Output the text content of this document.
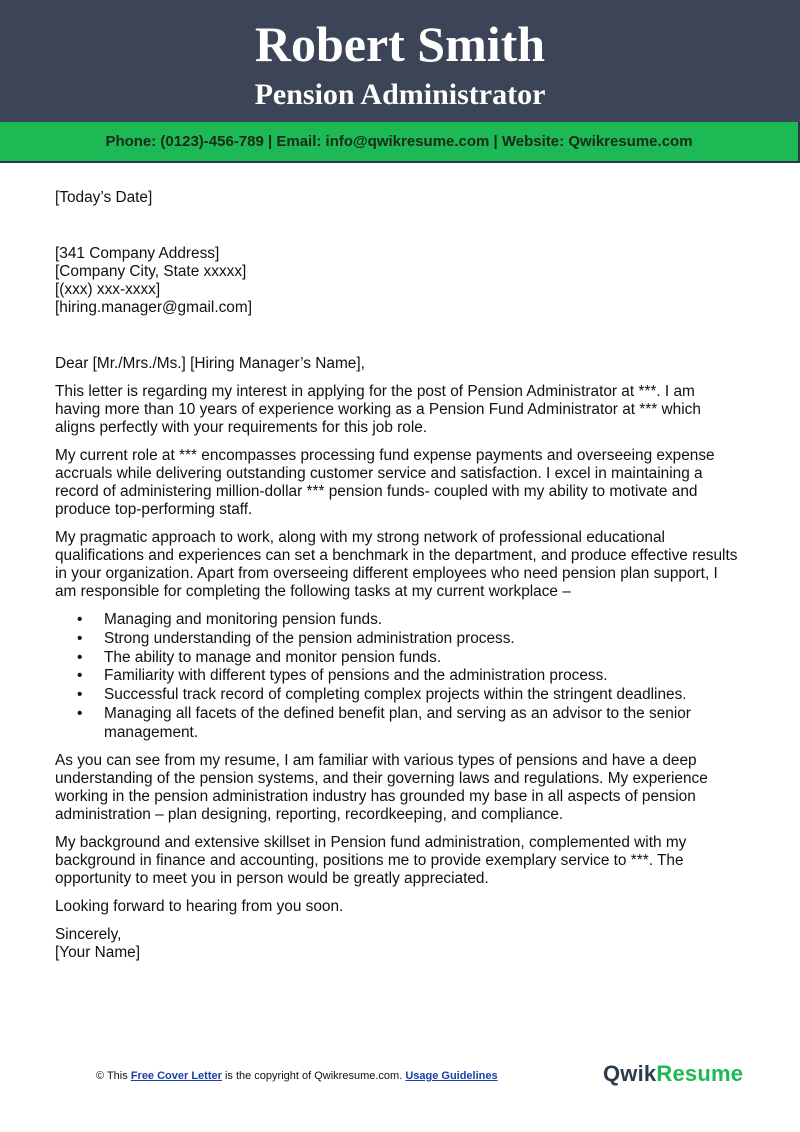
Robert Smith
Pension Administrator
Phone: (0123)-456-789 | Email: info@qwikresume.com | Website: Qwikresume.com
[Today’s Date]
[341 Company Address]
[Company City, State xxxxx]
[(xxx) xxx-xxxx]
[hiring.manager@gmail.com]
Dear [Mr./Mrs./Ms.] [Hiring Manager’s Name],
This letter is regarding my interest in applying for the post of Pension Administrator at ***. I am
having more than 10 years of experience working as a Pension Fund Administrator at *** which
aligns perfectly with your requirements for this job role.
My current role at *** encompasses processing fund expense payments and overseeing expense
accruals while delivering outstanding customer service and satisfaction. I excel in maintaining a
record of administering million-dollar *** pension funds- coupled with my ability to motivate and
produce top-performing staff.
My pragmatic approach to work, along with my strong network of professional educational
qualifications and experiences can set a benchmark in the department, and produce effective results
in your organization. Apart from overseeing different employees who need pension plan support, I
am responsible for completing the following tasks at my current workplace –
• Managing and monitoring pension funds.
• Strong understanding of the pension administration process.
• The ability to manage and monitor pension funds.
• Familiarity with different types of pensions and the administration process.
• Successful track record of completing complex projects within the stringent deadlines.
• Managing all facets of the defined benefit plan, and serving as an advisor to the senior management.
As you can see from my resume, I am familiar with various types of pensions and have a deep
understanding of the pension systems, and their governing laws and regulations. My experience
working in the pension administration industry has grounded my base in all aspects of pension
administration – plan designing, reporting, recordkeeping, and compliance.
My background and extensive skillset in Pension fund administration, complemented with my
background in finance and accounting, positions me to provide exemplary service to ***. The
opportunity to meet you in person would be greatly appreciated.
Looking forward to hearing from you soon.
Sincerely,
[Your Name]
© This Free Cover Letter is the copyright of Qwikresume.com. Usage Guidelines	QwikResume
